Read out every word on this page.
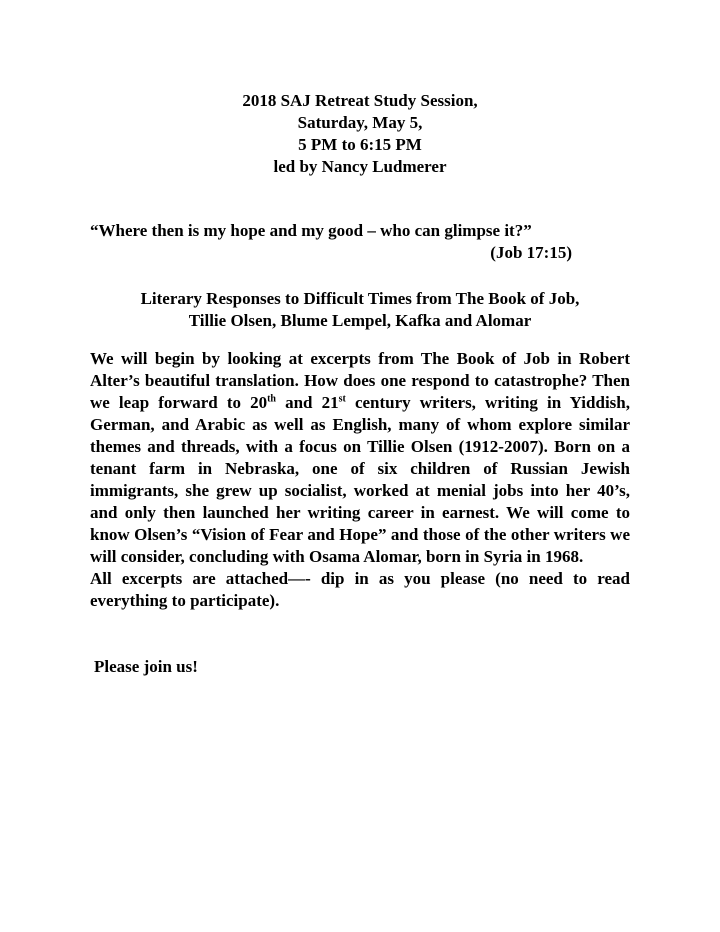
2018 SAJ Retreat Study Session,
Saturday, May 5,
5 PM to 6:15 PM
led by Nancy Ludmerer
“Where then is my hope and my good – who can glimpse it?”
(Job 17:15)
Literary Responses to Difficult Times from The Book of Job,
Tillie Olsen, Blume Lempel, Kafka and Alomar

We will begin by looking at excerpts from The Book of Job in Robert Alter’s beautiful translation. How does one respond to catastrophe? Then we leap forward to 20th and 21st century writers, writing in Yiddish, German, and Arabic as well as English, many of whom explore similar themes and threads, with a focus on Tillie Olsen (1912-2007). Born on a tenant farm in Nebraska, one of six children of Russian Jewish immigrants, she grew up socialist, worked at menial jobs into her 40’s, and only then launched her writing career in earnest. We will come to know Olsen’s “Vision of Fear and Hope” and those of the other writers we will consider, concluding with Osama Alomar, born in Syria in 1968.

All excerpts are attached—- dip in as you please (no need to read everything to participate).

Please join us!
